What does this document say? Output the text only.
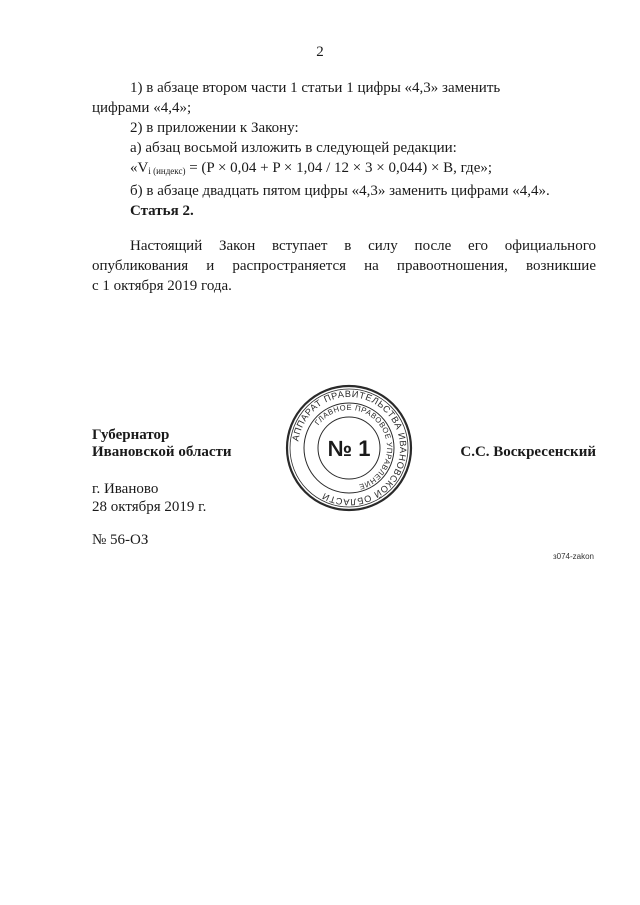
2

1) в абзаце втором части 1 статьи 1 цифры «4,3» заменить
цифрами «4,4»;

2) в приложении к Закону:

а) абзац восьмой изложить в следующей редакции:

«$V_{i (индекс)} = (P \times 0,04 + P \times 1,04 / 12 \times 3 \times 0,044) \times B$, где»;

б) в абзаце двадцать пятом цифры «4,3» заменить цифрами «4,4».

Статья 2.
Настоящий Закон вступает в силу после его официального
опубликования и распространяется на правоотношения, возникшие
с 1 октября 2019 года.
Губернатор
Ивановской области
АППАРАТ ПРАВИТЕЛЬСТВА ИВАНОВСКОЙ ОБЛАСТИ
ГЛАВНОЕ ПРАВОВОЕ УПРАВЛЕНИЕ
№ 1	С.С. Воскресенский
г. Иваново
28 октября 2019 г.
№ 56-ОЗ
з074-zakon
